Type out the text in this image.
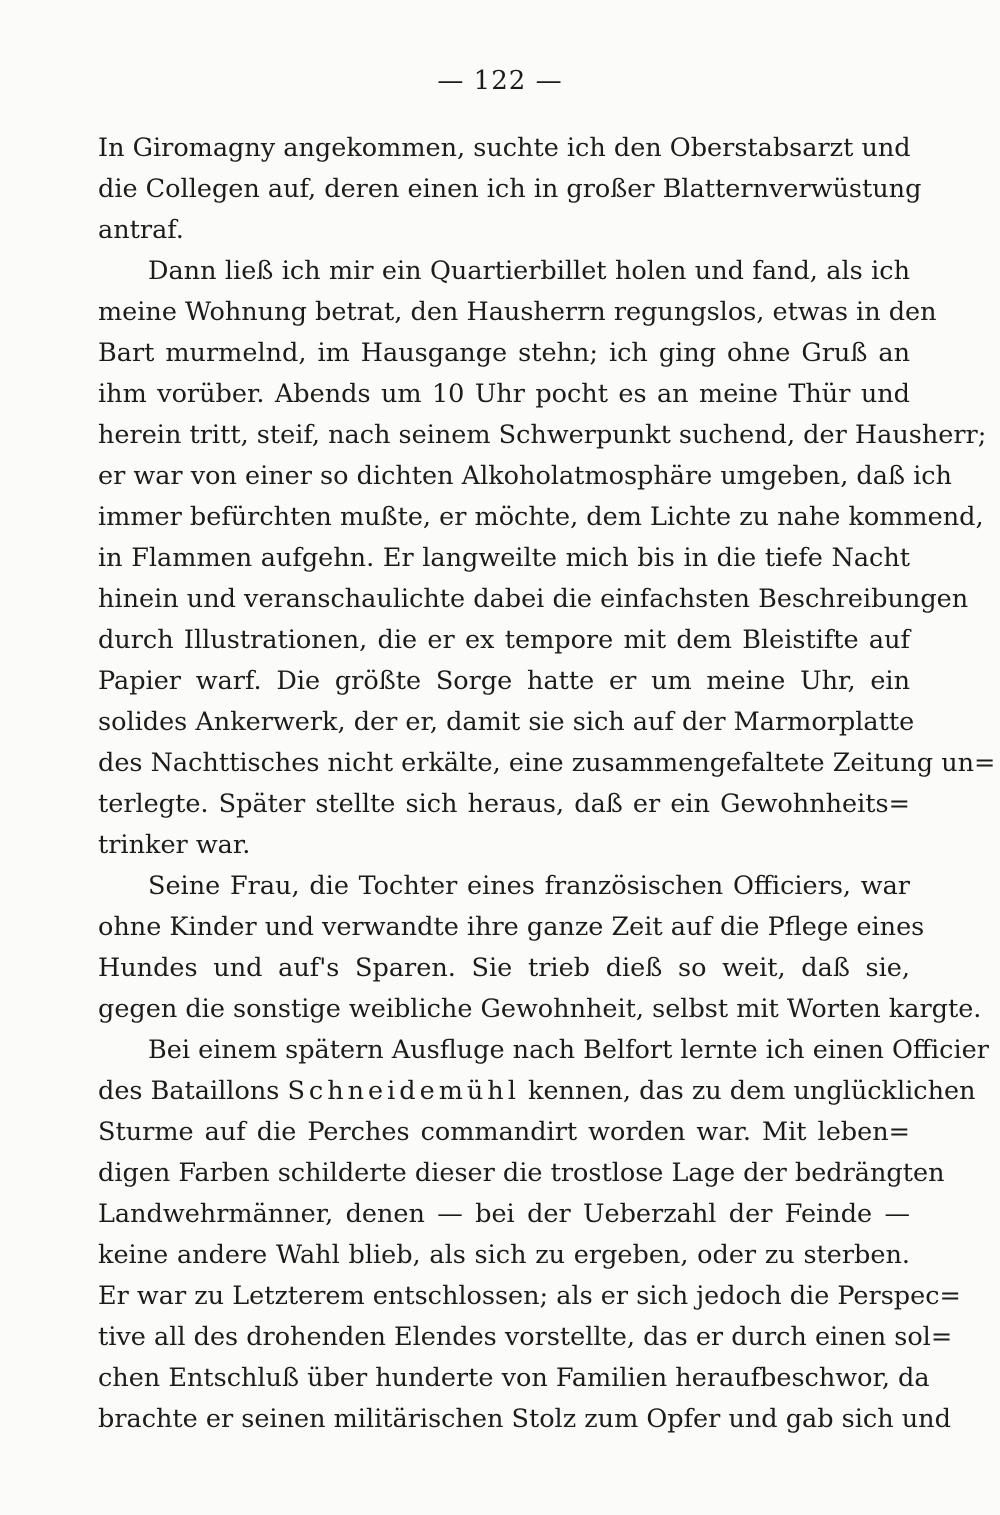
— 122 —
In Giromagny angekommen, suchte ich den Oberstabsarzt und
die Collegen auf, deren einen ich in großer Blatternverwüstung
antraf.
Dann ließ ich mir ein Quartierbillet holen und fand, als ich
meine Wohnung betrat, den Hausherrn regungslos, etwas in den
Bart murmelnd, im Hausgange stehn; ich ging ohne Gruß an
ihm vorüber. Abends um 10 Uhr pocht es an meine Thür und
herein tritt, steif, nach seinem Schwerpunkt suchend, der Hausherr;
er war von einer so dichten Alkoholatmosphäre umgeben, daß ich
immer befürchten mußte, er möchte, dem Lichte zu nahe kommend,
in Flammen aufgehn. Er langweilte mich bis in die tiefe Nacht
hinein und veranschaulichte dabei die einfachsten Beschreibungen
durch Illustrationen, die er ex tempore mit dem Bleistifte auf
Papier warf. Die größte Sorge hatte er um meine Uhr, ein
solides Ankerwerk, der er, damit sie sich auf der Marmorplatte
des Nachttisches nicht erkälte, eine zusammengefaltete Zeitung un=
terlegte. Später stellte sich heraus, daß er ein Gewohnheits=
trinker war.
Seine Frau, die Tochter eines französischen Officiers, war
ohne Kinder und verwandte ihre ganze Zeit auf die Pflege eines
Hundes und auf's Sparen. Sie trieb dieß so weit, daß sie,
gegen die sonstige weibliche Gewohnheit, selbst mit Worten kargte.
Bei einem spätern Ausfluge nach Belfort lernte ich einen Officier
des Bataillons Schneidemühl kennen, das zu dem unglücklichen
Sturme auf die Perches commandirt worden war. Mit leben=
digen Farben schilderte dieser die trostlose Lage der bedrängten
Landwehrmänner, denen — bei der Ueberzahl der Feinde —
keine andere Wahl blieb, als sich zu ergeben, oder zu sterben.
Er war zu Letzterem entschlossen; als er sich jedoch die Perspec=
tive all des drohenden Elendes vorstellte, das er durch einen sol=
chen Entschluß über hunderte von Familien heraufbeschwor, da
brachte er seinen militärischen Stolz zum Opfer und gab sich und
